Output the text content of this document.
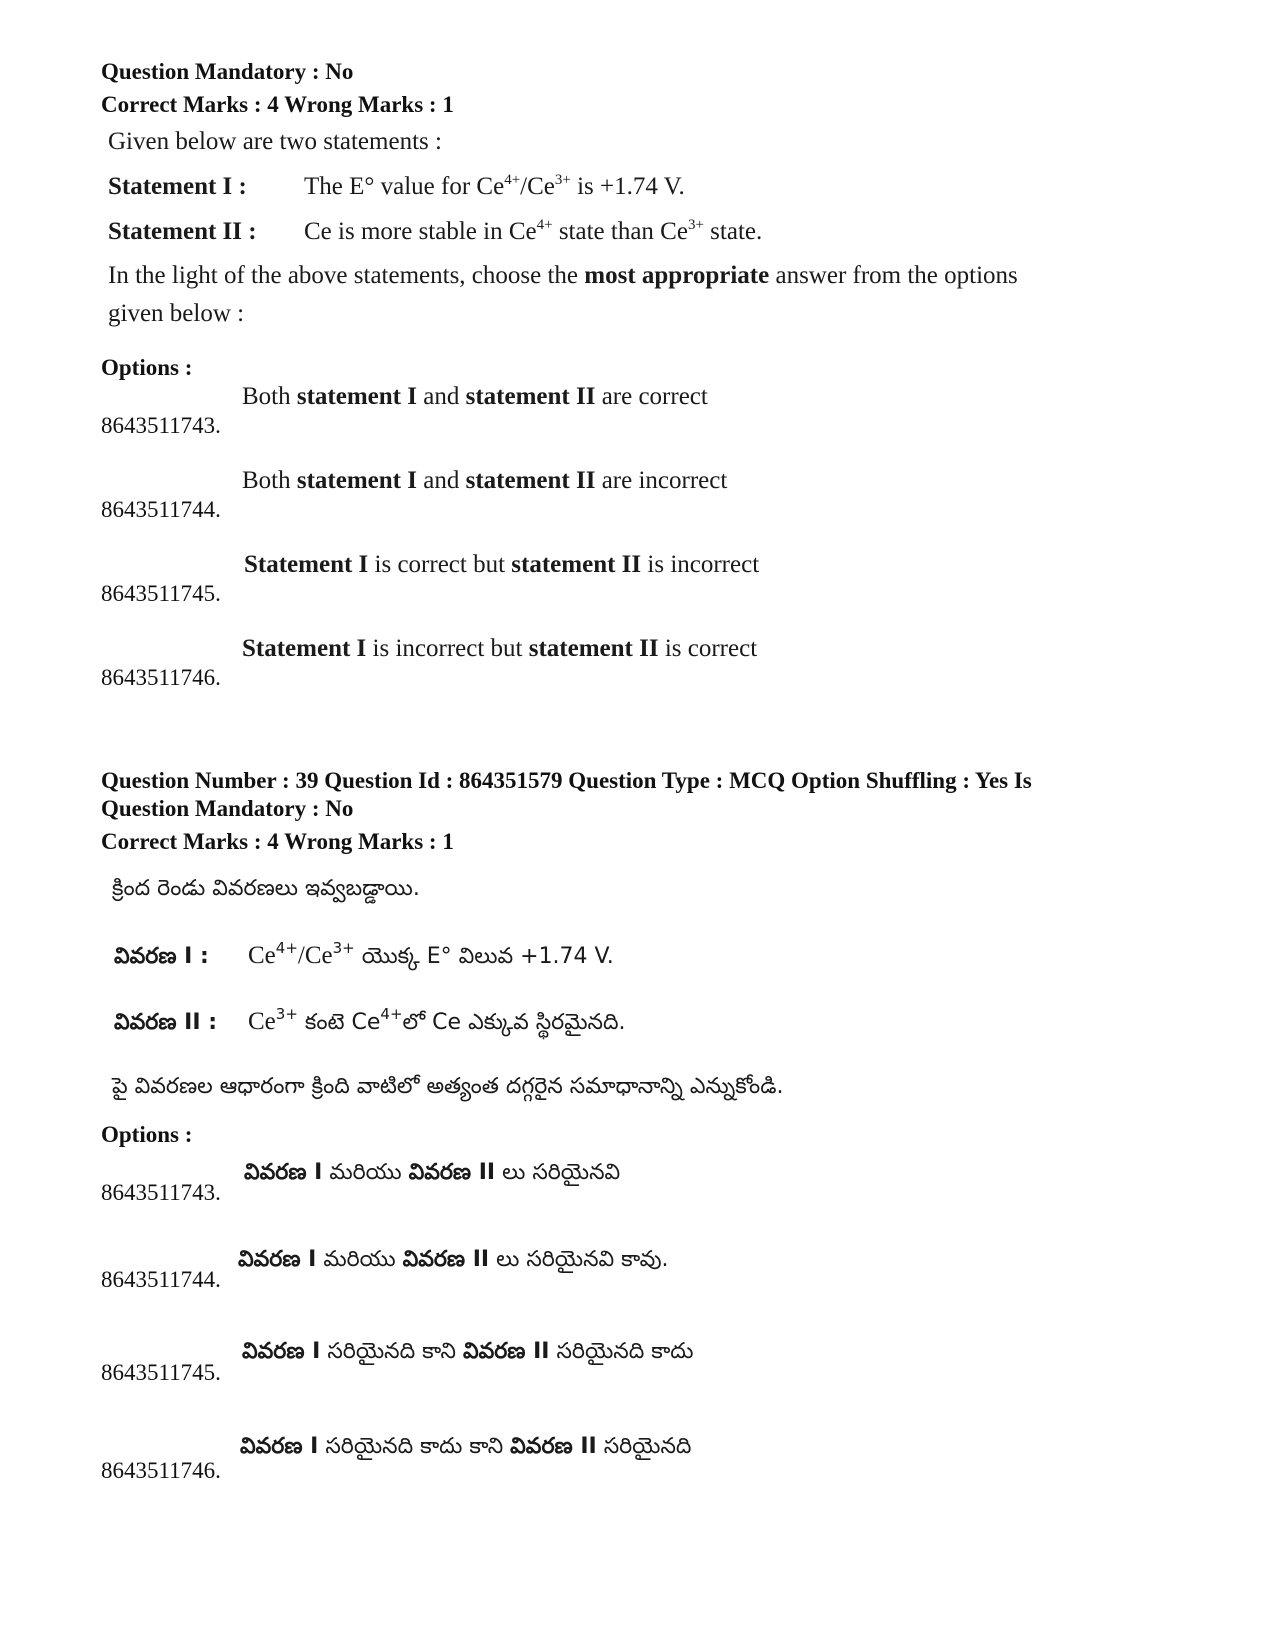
Question Mandatory : No
Correct Marks : 4 Wrong Marks : 1
Given below are two statements :
Statement I : The E° value for $Ce^{4+}/Ce^{3+}$ is +1.74 V.
Statement II : Ce is more stable in $Ce^{4+}$ state than $Ce^{3+}$ state.
In the light of the above statements, choose the most appropriate answer from the options
given below :
Options :
8643511743.
Both statement I and statement II are correct
8643511744.
Both statement I and statement II are incorrect
8643511745.
Statement I is correct but statement II is incorrect
8643511746.
Statement I is incorrect but statement II is correct
Question Number : 39 Question Id : 864351579 Question Type : MCQ Option Shuffling : Yes Is
Question Mandatory : No
Correct Marks : 4 Wrong Marks : 1
క్రింద రెండు వివరణలు ఇవ్వబడ్డాయి.
వివరణ I : $Ce^{4+}/Ce^{3+}$ యొక్క E° విలువ +1.74 V.
వివరణ II : $Ce^{3+}$ కంటె $Ce^{4+}లో$ Ce ఎక్కువ స్థిరమైనది.
పై వివరణల ఆధారంగా క్రింది వాటిలో అత్యంత దగ్గరైన సమాధానాన్ని ఎన్నుకోండి.
Options :
8643511743.
వివరణ I మరియు వివరణ II లు సరియైనవి
8643511744.
వివరణ I మరియు వివరణ II లు సరియైనవి కావు.
8643511745.
వివరణ I సరియైనది కాని వివరణ II సరియైనది కాదు
8643511746.
వివరణ I సరియైనది కాదు కాని వివరణ II సరియైనది
